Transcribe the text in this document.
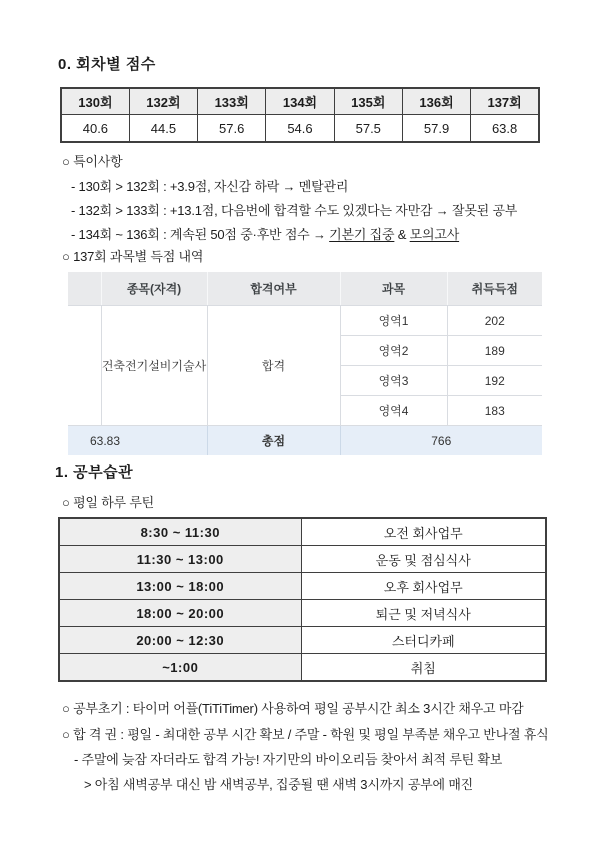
0. 회차별 점수
130회	132회	133회	134회	135회	136회	137회
40.6	44.5	57.6	54.6	57.5	57.9	63.8
○ 특이사항
- 130회 > 132회 : +3.9점, 자신감 하락 → 멘탈관리
- 132회 > 133회 : +13.1점, 다음번에 합격할 수도 있겠다는 자만감 → 잘못된 공부
- 134회 ~ 136회 : 계속된 50점 중·후반 점수 → 기본기 집중 & 모의고사
○ 137회 과목별 득점 내역
	종목(자격)	합격여부	과목	취득득점
	건축전기설비기술사	합격	영역1	202
			영역2	189
			영역3	192
			영역4	183
63.83		총점	766	
1. 공부습관
○ 평일 하루 루틴
8:30 ~ 11:30	오전 회사업무
11:30 ~ 13:00	운동 및 점심식사
13:00 ~ 18:00	오후 회사업무
18:00 ~ 20:00	퇴근 및 저녁식사
20:00 ~ 12:30	스터디카페
~1:00	취침
○ 공부초기 : 타이머 어플(TiTiTimer) 사용하여 평일 공부시간 최소 3시간 채우고 마감
○ 합 격 권 : 평일 - 최대한 공부 시간 확보 / 주말 - 학원 및 평일 부족분 채우고 반나절 휴식
- 주말에 늦잠 자더라도 합격 가능! 자기만의 바이오리듬 찾아서 최적 루틴 확보
> 아침 새벽공부 대신 밤 새벽공부, 집중될 땐 새벽 3시까지 공부에 매진
